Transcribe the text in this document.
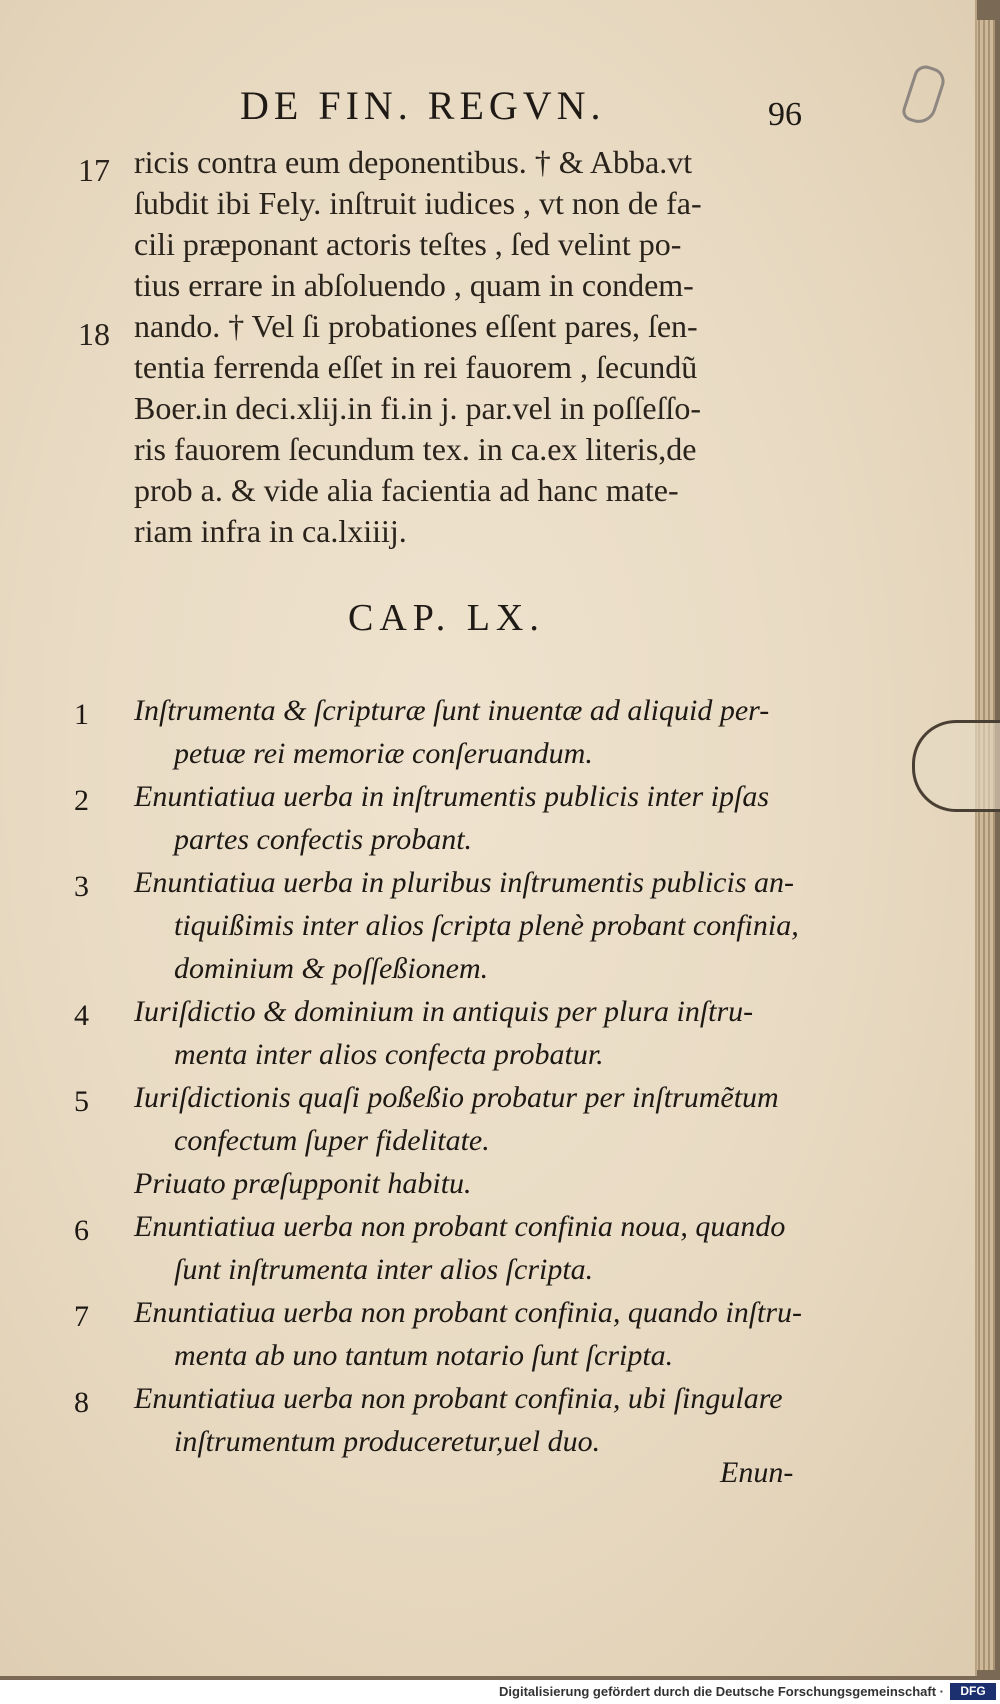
DE FIN. REGVN.	96
ricis contra eum deponentibus. † & Abba.vt
17
ſubdit ibi Fely. inſtruit iudices , vt non de fa-
cili præponant actoris teſtes , ſed velint po-
tius errare in abſoluendo , quam in condem-
nando. † Vel ſi probationes eſſent pares, ſen-
18
tentia ferrenda eſſet in rei fauorem , ſecundũ
Boer.in deci.xlij.in fi.in j. par.vel in poſſeſſo-
ris fauorem ſecundum tex. in ca.ex literis,de
prob a. & vide alia facientia ad hanc mate-
riam infra in ca.lxiiij.
CAP. LX.
1 Inſtrumenta & ſcripturæ ſunt inuentæ ad aliquid per-
petuæ rei memoriæ conſeruandum.
2 Enuntiatiua uerba in inſtrumentis publicis inter ipſas
partes confectis probant.
3 Enuntiatiua uerba in pluribus inſtrumentis publicis an-
tiquißimis inter alios ſcripta plenè probant confinia,
dominium & poſſeßionem.
4 Iuriſdictio & dominium in antiquis per plura inſtru-
menta inter alios confecta probatur.
5 Iuriſdictionis quaſi poßeßio probatur per inſtrumẽtum
confectum ſuper fidelitate.
Priuato præſupponit habitu.
6 Enuntiatiua uerba non probant confinia noua, quando
ſunt inſtrumenta inter alios ſcripta.
7 Enuntiatiua uerba non probant confinia, quando inſtru-
menta ab uno tantum notario ſunt ſcripta.
8 Enuntiatiua uerba non probant confinia, ubi ſingulare
inſtrumentum produceretur,uel duo.
Enun-
Digitalisierung gefördert durch die Deutsche Forschungsgemeinschaft ·	DFG
